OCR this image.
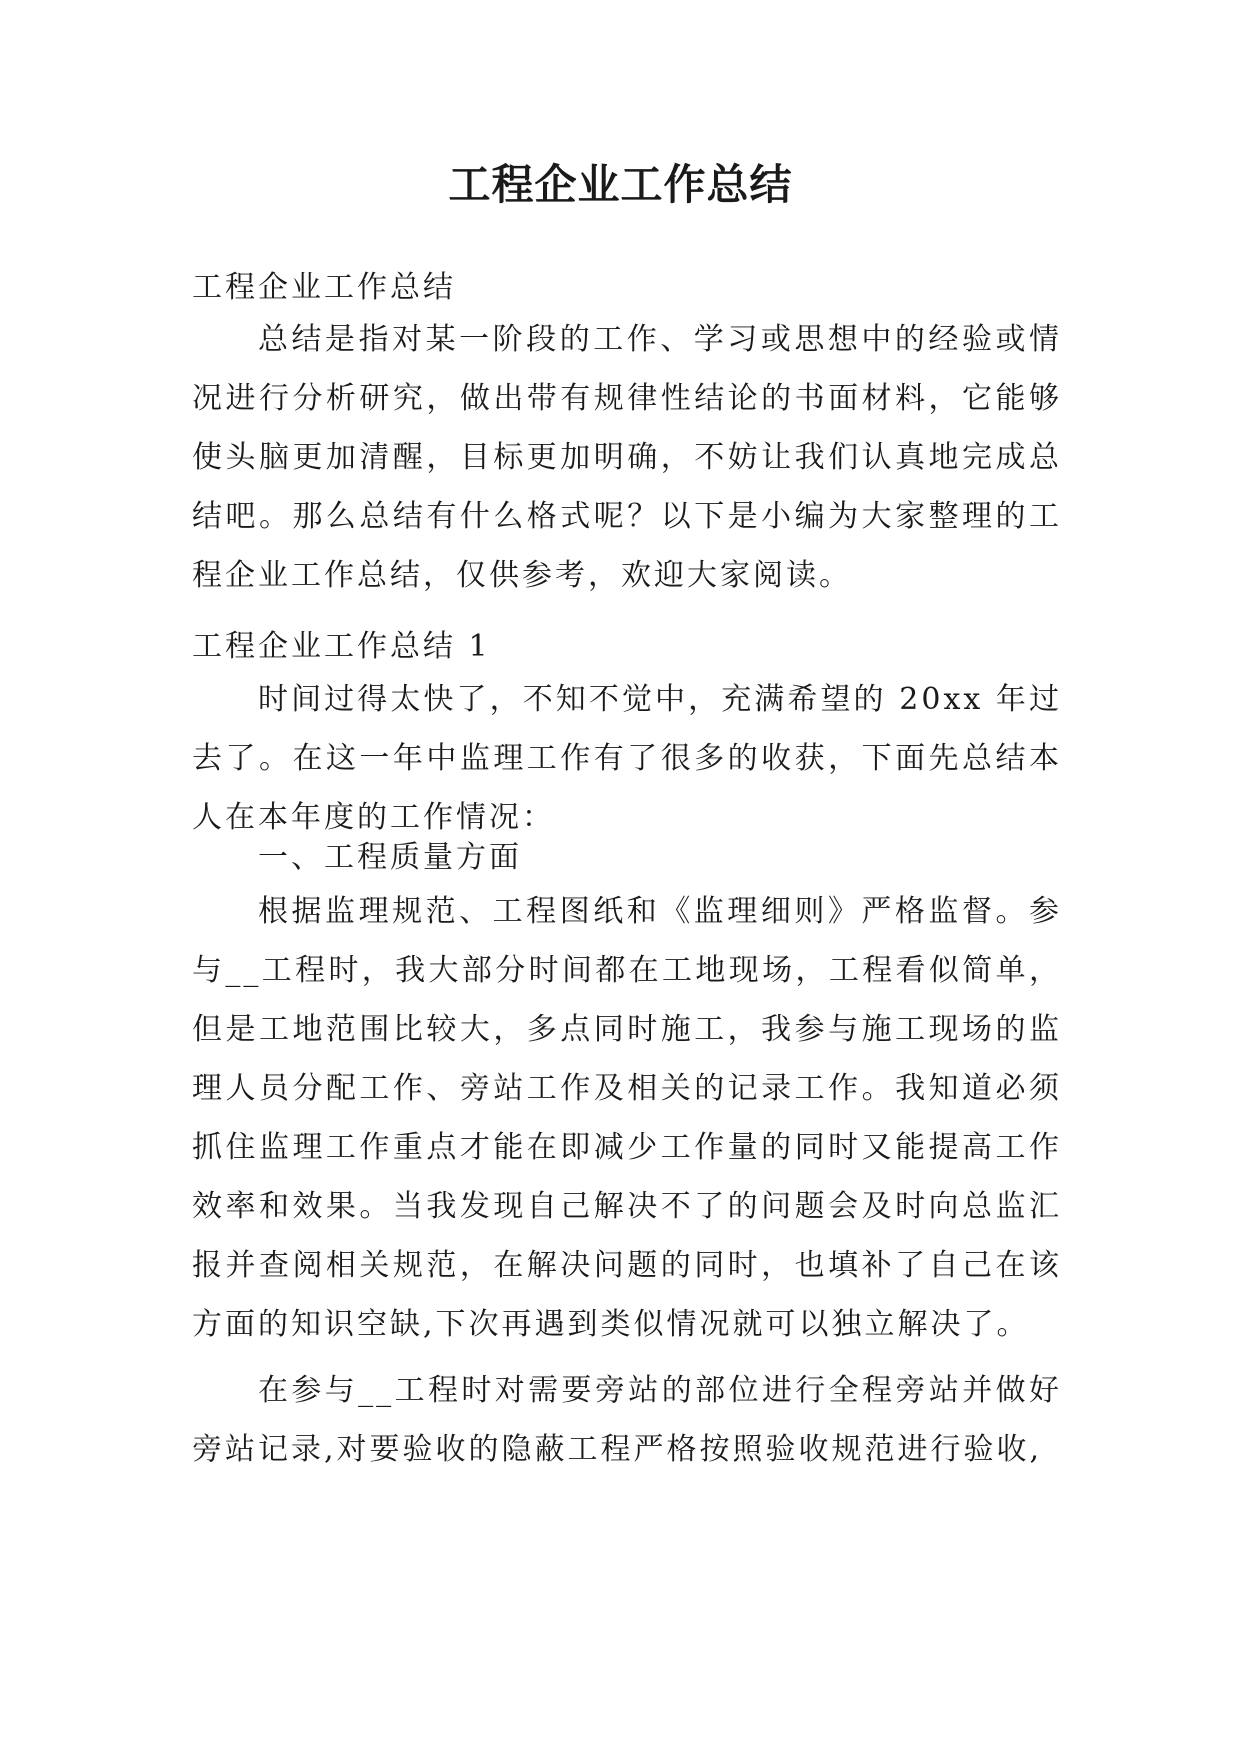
工程企业工作总结

工程企业工作总结

总结是指对某一阶段的工作、学习或思想中的经验或情况进行分析研究，做出带有规律性结论的书面材料，它能够使头脑更加清醒，目标更加明确，不妨让我们认真地完成总结吧。那么总结有什么格式呢？以下是小编为大家整理的工程企业工作总结，仅供参考，欢迎大家阅读。

工程企业工作总结 1

时间过得太快了，不知不觉中，充满希望的 20xx 年过去了。在这一年中监理工作有了很多的收获，下面先总结本人在本年度的工作情况：

一、工程质量方面

根据监理规范、工程图纸和《监理细则》严格监督。参与__工程时，我大部分时间都在工地现场，工程看似简单，但是工地范围比较大，多点同时施工，我参与施工现场的监理人员分配工作、旁站工作及相关的记录工作。我知道必须抓住监理工作重点才能在即减少工作量的同时又能提高工作效率和效果。当我发现自己解决不了的问题会及时向总监汇报并查阅相关规范，在解决问题的同时，也填补了自己在该方面的知识空缺,下次再遇到类似情况就可以独立解决了。

在参与__工程时对需要旁站的部位进行全程旁站并做好旁站记录,对要验收的隐蔽工程严格按照验收规范进行验收,
